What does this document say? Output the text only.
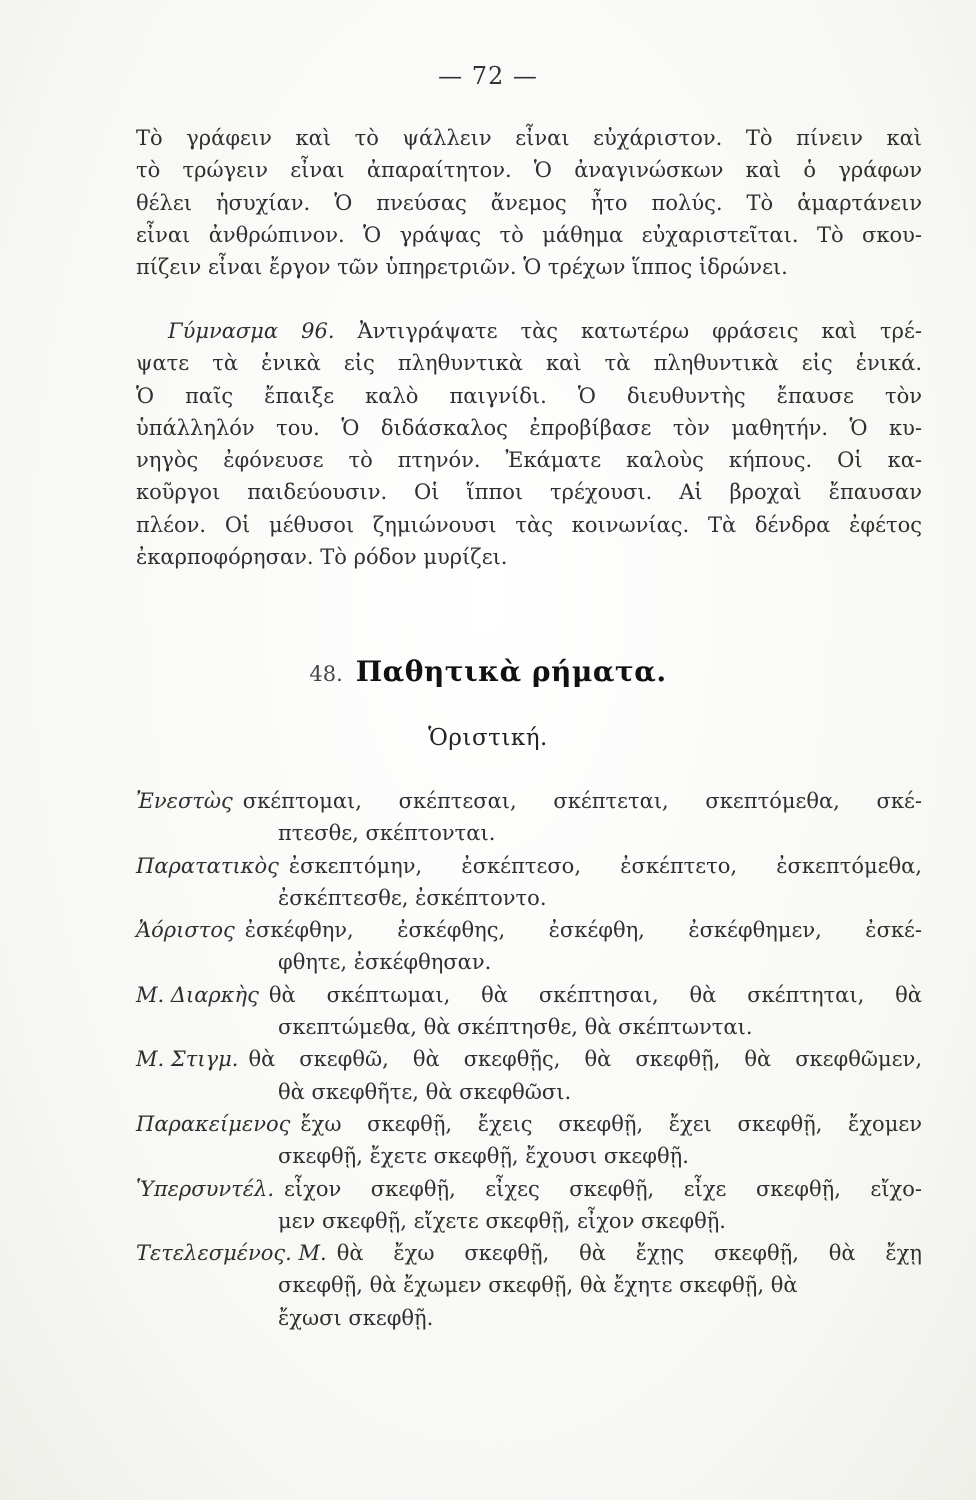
— 72 —
Τὸ γράφειν καὶ τὸ ψάλλειν εἶναι εὐχάριστον. Τὸ πίνειν καὶ
τὸ τρώγειν εἶναι ἀπαραίτητον. Ὁ ἀναγινώσκων καὶ ὁ γράφων
θέλει ἡσυχίαν. Ὁ πνεύσας ἄνεμος ἦτο πολύς. Τὸ ἁμαρτάνειν
εἶναι ἀνθρώπινον. Ὁ γράψας τὸ μάθημα εὐχαριστεῖται. Τὸ σκου-
πίζειν εἶναι ἔργον τῶν ὑπηρετριῶν. Ὁ τρέχων ἵππος ἱδρώνει.
Γύμνασμα 96. Ἀντιγράψατε τὰς κατωτέρω φράσεις καὶ τρέ-
ψατε τὰ ἑνικὰ εἰς πληθυντικὰ καὶ τὰ πληθυντικὰ εἰς ἑνικά.
Ὁ παῖς ἔπαιξε καλὸ παιγνίδι. Ὁ διευθυντὴς ἔπαυσε τὸν
ὑπάλληλόν του. Ὁ διδάσκαλος ἐπροβίβασε τὸν μαθητήν. Ὁ κυ-
νηγὸς ἐφόνευσε τὸ πτηνόν. Ἐκάματε καλοὺς κήπους. Οἱ κα-
κοῦργοι παιδεύουσιν. Οἱ ἵπποι τρέχουσι. Αἱ βροχαὶ ἔπαυσαν
πλέον. Οἱ μέθυσοι ζημιώνουσι τὰς κοινωνίας. Τὰ δένδρα ἐφέτος
ἐκαρποφόρησαν. Τὸ ρόδον μυρίζει.
48. Παθητικὰ ρήματα.
Ὁριστική.
Ἐνεστὼς σκέπτομαι, σκέπτεσαι, σκέπτεται, σκεπτόμεθα, σκέ-
πτεσθε, σκέπτονται.
Παρατατικὸς ἐσκεπτόμην, ἐσκέπτεσο, ἐσκέπτετο, ἐσκεπτόμεθα,
ἐσκέπτεσθε, ἐσκέπτοντο.
Ἀόριστος ἐσκέφθην, ἐσκέφθης, ἐσκέφθη, ἐσκέφθημεν, ἐσκέ-
φθητε, ἐσκέφθησαν.
Μ. Διαρκὴς θὰ σκέπτωμαι, θὰ σκέπτησαι, θὰ σκέπτηται, θὰ
σκεπτώμεθα, θὰ σκέπτησθε, θὰ σκέπτωνται.
Μ. Στιγμ. θὰ σκεφθῶ, θὰ σκεφθῇς, θὰ σκεφθῇ, θὰ σκεφθῶμεν,
θὰ σκεφθῆτε, θὰ σκεφθῶσι.
Παρακείμενος ἔχω σκεφθῇ, ἔχεις σκεφθῇ, ἔχει σκεφθῇ, ἔχομεν
σκεφθῇ, ἔχετε σκεφθῇ, ἔχουσι σκεφθῇ.
Ὑπερσυντέλ. εἶχον σκεφθῇ, εἶχες σκεφθῇ, εἶχε σκεφθῇ, εἴχο-
μεν σκεφθῇ, εἴχετε σκεφθῇ, εἶχον σκεφθῇ.
Τετελεσμένος. Μ. θὰ ἔχω σκεφθῇ, θὰ ἔχῃς σκεφθῇ, θὰ ἔχῃ
σκεφθῇ, θὰ ἔχωμεν σκεφθῇ, θὰ ἔχητε σκεφθῇ, θὰ
ἔχωσι σκεφθῇ.
